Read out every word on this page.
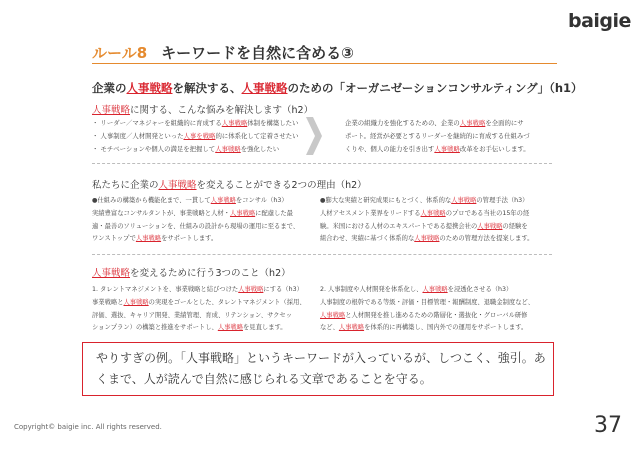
baigie
ルール8 キーワードを自然に含める③
企業の人事戦略を解決する、人事戦略のための「オーガニゼーションコンサルティング」（h1）
人事戦略に関する、こんな悩みを解決します（h2）
・ リーダー／マネジャーを組織的に育成する人事戦略体制を構築したい
・ 人事制度／人材開発といった人事を戦略的に体系化して定着させたい
・ モチベーションや個人の満足を把握して人事戦略を強化したい
企業の組織力を強化するための、企業の人事戦略を全面的にサ
ポート。経営が必要とするリーダーを継続的に育成する仕組みづ
くりや、個人の能力を引き出す人事戦略改革をお手伝いします。
私たちに企業の人事戦略を変えることができる2つの理由（h2）
●仕組みの構築から機能化まで、一貫して人事戦略をコンサル（h3）
実績豊富なコンサルタントが、事業戦略と人材・人事戦略に配慮した最
適・最善のソリューションを、仕組みの設計から現場の運用に至るまで、
ワンストップで人事戦略をサポートします。
●膨大な実績と研究成果にもとづく、体系的な人事戦略の管理手法（h3）
人材アセスメント業界をリードする人事戦略のプロである当社の15年の経
験。米国における人材のエキスパートである提携会社の人事戦略の経験を
組合わせ、実績に基づく体系的な人事戦略のための管理方法を提案します。
人事戦略を変えるために行う3つのこと（h2）
1. タレントマネジメントを、事業戦略と結びつけた人事戦略にする（h3）
事業戦略と人事戦略の実現をゴールとした、タレントマネジメント（採用、
評価、選抜、キャリア開発、業績管理、育成、リテンション、サクセッ
ションプラン）の構築と推進をサポートし、人事戦略を見直します。
2. 人事制度や人材開発を体系化し、人事戦略を浸透化させる（h3）
人事制度の根幹である等級・評価・目標管理・報酬制度、退職金制度など、
人事戦略と人材開発を推し進めるための階層化・選抜化・グローバル研修
など、人事戦略を体系的に再構築し、国内外での運用をサポートします。
やりすぎの例。「人事戦略」というキーワードが入っているが、しつこく、強引。あ
くまで、人が読んで自然に感じられる文章であることを守る。
Copyright© baigie inc. All rights reserved.	37
